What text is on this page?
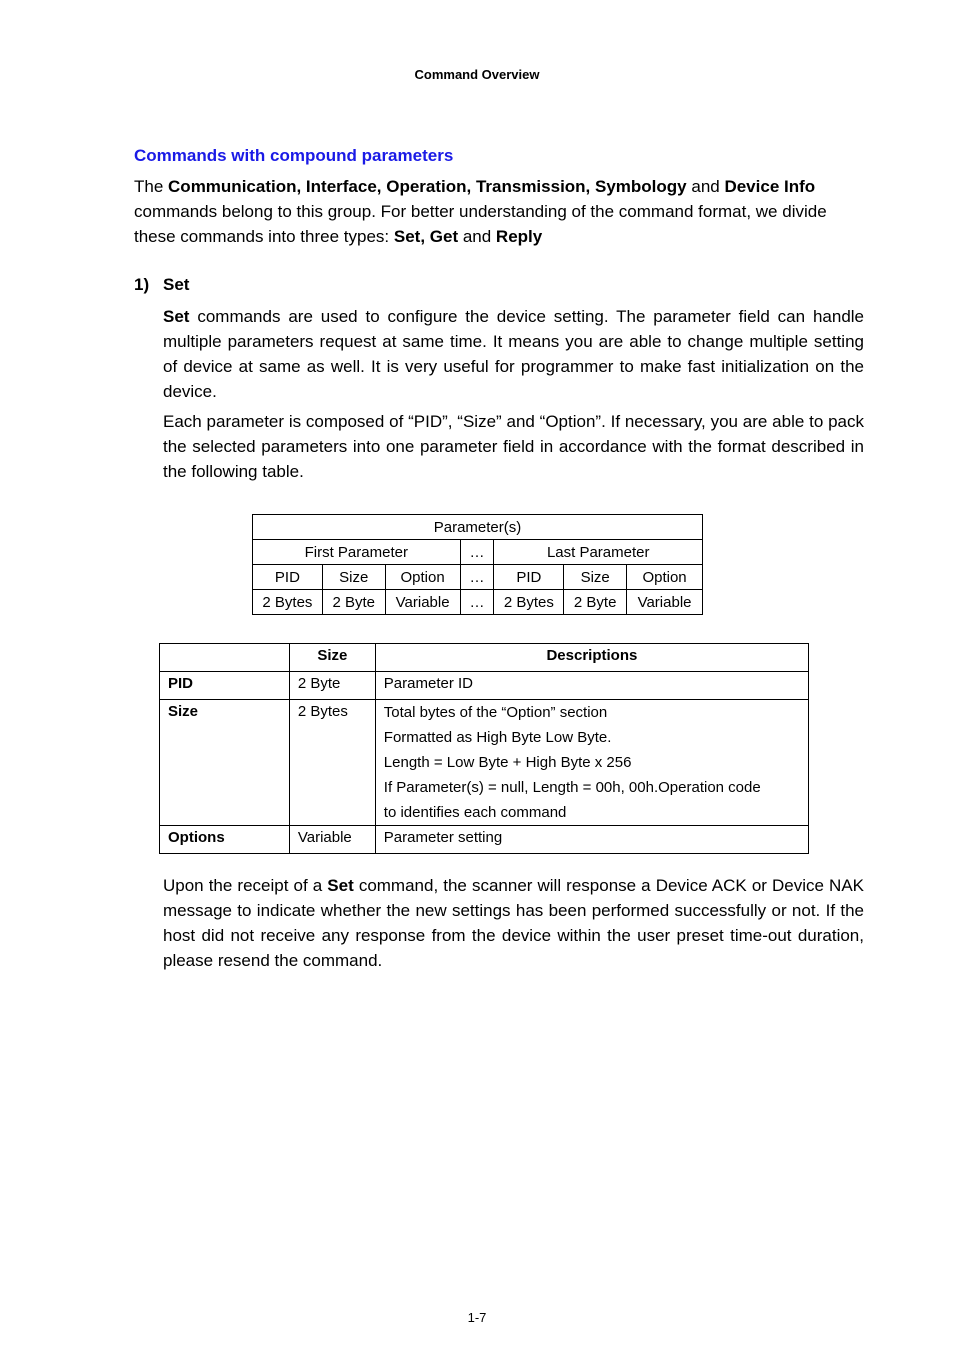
Command Overview
Commands with compound parameters

The Communication, Interface, Operation, Transmission, Symbology and Device Info commands belong to this group. For better understanding of the command format, we divide these commands into three types: Set, Get and Reply

1) Set

Set commands are used to configure the device setting. The parameter field can handle multiple parameters request at same time. It means you are able to change multiple setting of device at same as well. It is very useful for programmer to make fast initialization on the device.

Each parameter is composed of “PID”, “Size” and “Option”. If necessary, you are able to pack the selected parameters into one parameter field in accordance with the format described in the following table.

Parameter(s)						
First Parameter			…	Last Parameter		
PID	Size	Option	…	PID	Size	Option
2 Bytes	2 Byte	Variable	…	2 Bytes	2 Byte	Variable
	Size	Descriptions
PID	2 Byte	Parameter ID
Size	2 Bytes	Total bytes of the “Option” section
Formatted as High Byte Low Byte.
Length = Low Byte + High Byte x 256
If Parameter(s) = null, Length = 00h, 00h.Operation code
to identifies each command

Options	Variable	Parameter setting

Upon the receipt of a Set command, the scanner will response a Device ACK or Device NAK message to indicate whether the new settings has been performed successfully or not. If the host did not receive any response from the device within the user preset time-out duration, please resend the command.

1-7
